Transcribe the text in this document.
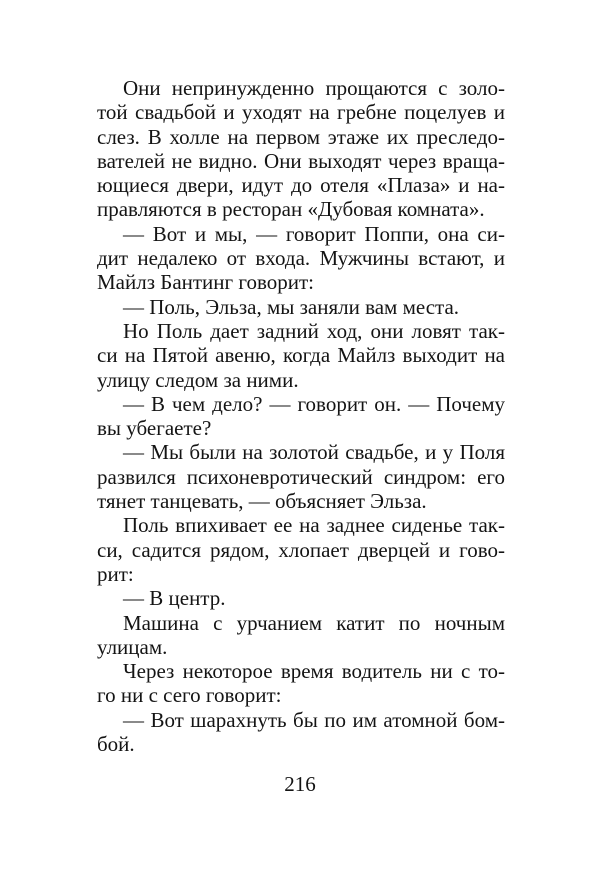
Они непринужденно прощаются с золо-
той свадьбой и уходят на гребне поцелуев и
слез. В холле на первом этаже их преследо-
вателей не видно. Они выходят через враща-
ющиеся двери, идут до отеля «Плаза» и на-
правляются в ресторан «Дубовая комната».
— Вот и мы, — говорит Поппи, она си-
дит недалеко от входа. Мужчины встают, и
Майлз Бантинг говорит:
— Поль, Эльза, мы заняли вам места.
Но Поль дает задний ход, они ловят так-
си на Пятой авеню, когда Майлз выходит на
улицу следом за ними.
— В чем дело? — говорит он. — Почему
вы убегаете?
— Мы были на золотой свадьбе, и у Поля
развился психоневротический синдром: его
тянет танцевать, — объясняет Эльза.
Поль впихивает ее на заднее сиденье так-
си, садится рядом, хлопает дверцей и гово-
рит:
— В центр.
Машина с урчанием катит по ночным
улицам.
Через некоторое время водитель ни с то-
го ни с сего говорит:
— Вот шарахнуть бы по им атомной бом-
бой.
216
